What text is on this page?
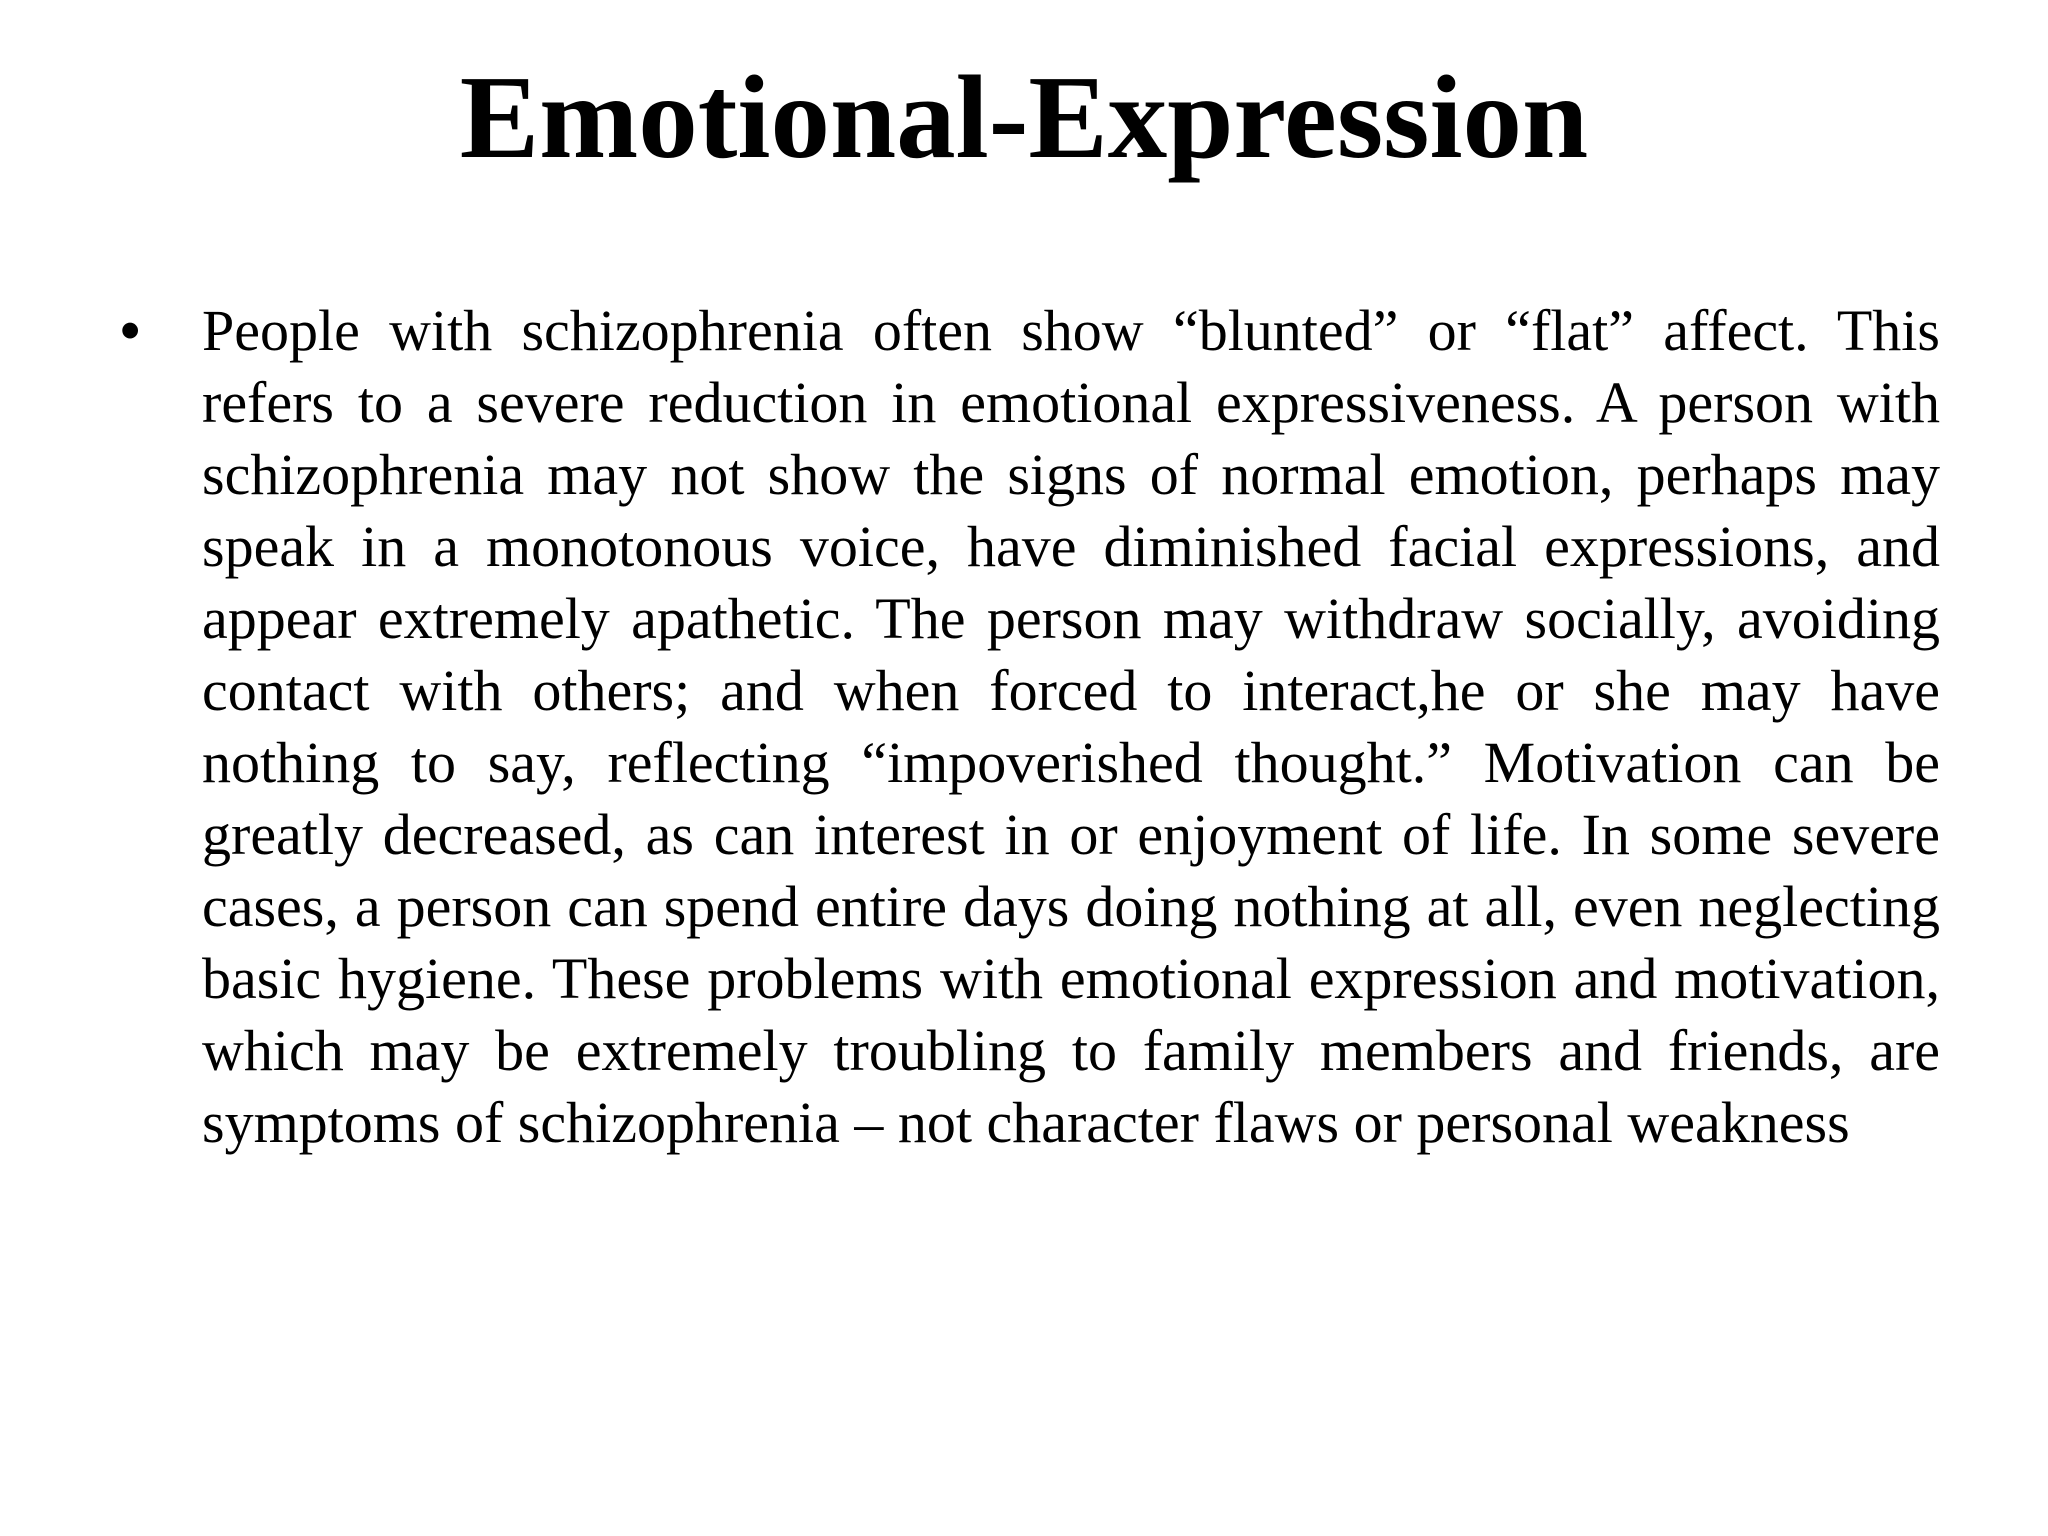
Emotional-Expression
• People with schizophrenia often show “blunted” or “flat” affect. This refers to a severe reduction in emotional expressiveness. A person with schizophrenia may not show the signs of normal emotion, perhaps may speak in a monotonous voice, have diminished facial expressions, and appear extremely apathetic. The person may withdraw socially, avoiding contact with others; and when forced to interact,he or she may have nothing to say, reflecting “impoverished thought.” Motivation can be greatly decreased, as can interest in or enjoyment of life. In some severe cases, a person can spend entire days doing nothing at all, even neglecting basic hygiene. These problems with emotional expression and motivation, which may be extremely troubling to family members and friends, are symptoms of schizophrenia – not character flaws or personal weakness
